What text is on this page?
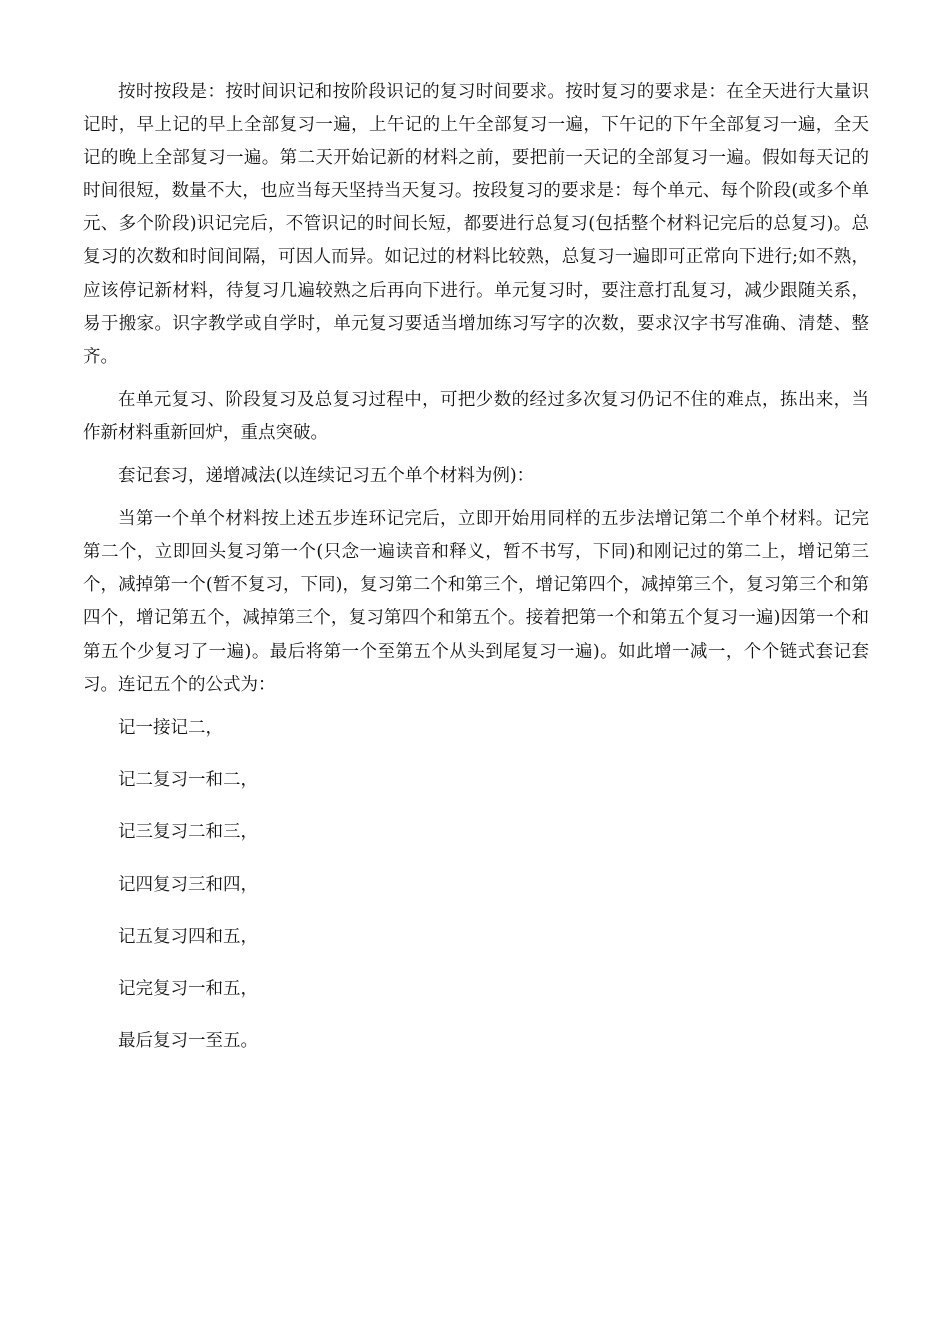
按时按段是：按时间识记和按阶段识记的复习时间要求。按时复习的要求是：在全天进行大量识记时，早上记的早上全部复习一遍，上午记的上午全部复习一遍，下午记的下午全部复习一遍，全天记的晚上全部复习一遍。第二天开始记新的材料之前，要把前一天记的全部复习一遍。假如每天记的时间很短，数量不大，也应当每天坚持当天复习。按段复习的要求是：每个单元、每个阶段(或多个单元、多个阶段)识记完后，不管识记的时间长短，都要进行总复习(包括整个材料记完后的总复习)。总复习的次数和时间间隔，可因人而异。如记过的材料比较熟，总复习一遍即可正常向下进行;如不熟，应该停记新材料，待复习几遍较熟之后再向下进行。单元复习时，要注意打乱复习，减少跟随关系，易于搬家。识字教学或自学时，单元复习要适当增加练习写字的次数，要求汉字书写准确、清楚、整齐。

在单元复习、阶段复习及总复习过程中，可把少数的经过多次复习仍记不住的难点，拣出来，当作新材料重新回炉，重点突破。

套记套习，递增减法(以连续记习五个单个材料为例)：

当第一个单个材料按上述五步连环记完后，立即开始用同样的五步法增记第二个单个材料。记完第二个，立即回头复习第一个(只念一遍读音和释义，暂不书写，下同)和刚记过的第二上，增记第三个，减掉第一个(暂不复习，下同)，复习第二个和第三个，增记第四个，减掉第三个，复习第三个和第四个，增记第五个，减掉第三个，复习第四个和第五个。接着把第一个和第五个复习一遍)因第一个和第五个少复习了一遍)。最后将第一个至第五个从头到尾复习一遍)。如此增一减一，个个链式套记套习。连记五个的公式为：

记一接记二，

记二复习一和二，

记三复习二和三，

记四复习三和四，

记五复习四和五，

记完复习一和五，

最后复习一至五。
